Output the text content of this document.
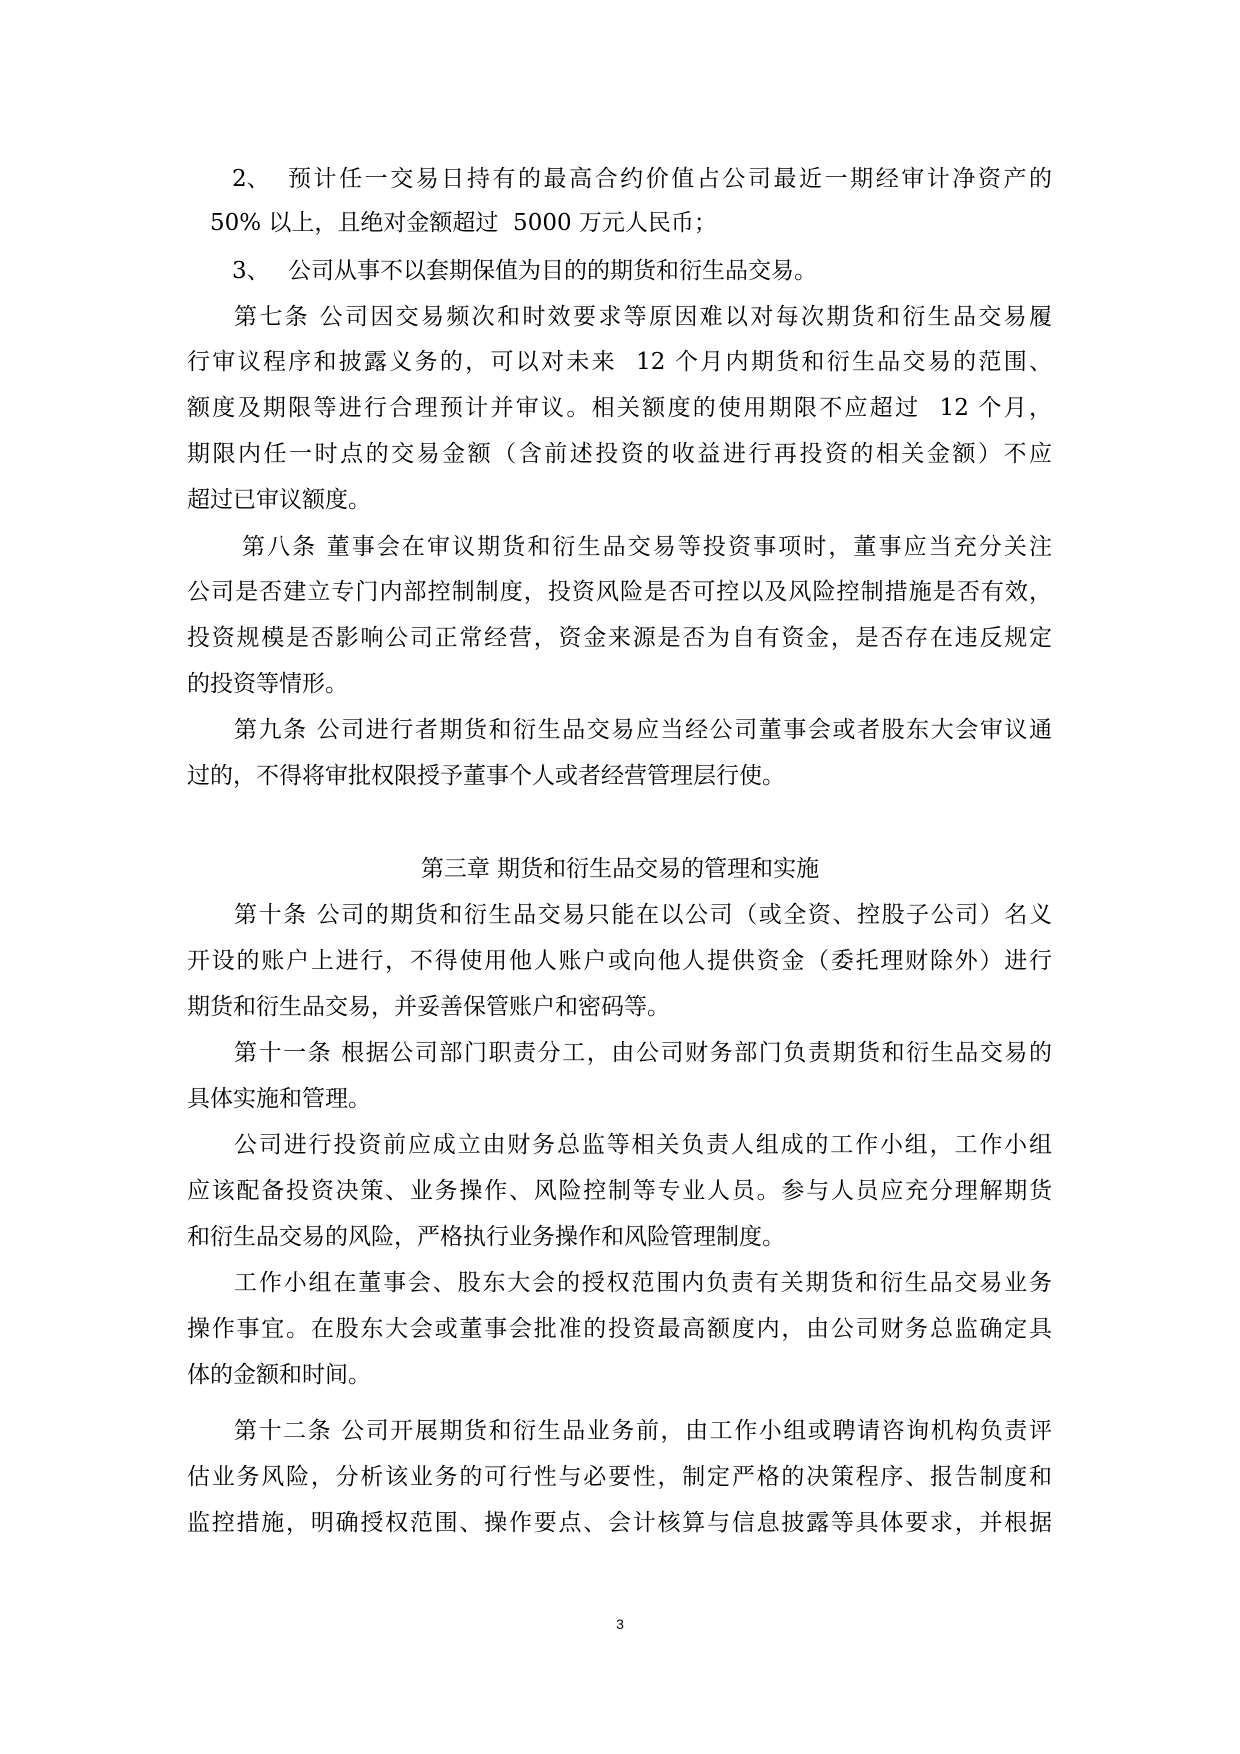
2、 预计任一交易日持有的最高合约价值占公司最近一期经审计净资产的
50% 以上，且绝对金额超过  5000 万元人民币；
3、 公司从事不以套期保值为目的的期货和衍生品交易。
第七条 公司因交易频次和时效要求等原因难以对每次期货和衍生品交易履
行审议程序和披露义务的，可以对未来  12 个月内期货和衍生品交易的范围、
额度及期限等进行合理预计并审议。相关额度的使用期限不应超过  12 个月，
期限内任一时点的交易金额（含前述投资的收益进行再投资的相关金额）不应
超过已审议额度。
第八条 董事会在审议期货和衍生品交易等投资事项时，董事应当充分关注
公司是否建立专门内部控制制度，投资风险是否可控以及风险控制措施是否有效，
投资规模是否影响公司正常经营，资金来源是否为自有资金，是否存在违反规定
的投资等情形。
第九条 公司进行者期货和衍生品交易应当经公司董事会或者股东大会审议通
过的，不得将审批权限授予董事个人或者经营管理层行使。
第三章 期货和衍生品交易的管理和实施
第十条 公司的期货和衍生品交易只能在以公司（或全资、控股子公司）名义
开设的账户上进行，不得使用他人账户或向他人提供资金（委托理财除外）进行
期货和衍生品交易，并妥善保管账户和密码等。
第十一条 根据公司部门职责分工，由公司财务部门负责期货和衍生品交易的
具体实施和管理。
公司进行投资前应成立由财务总监等相关负责人组成的工作小组，工作小组
应该配备投资决策、业务操作、风险控制等专业人员。参与人员应充分理解期货
和衍生品交易的风险，严格执行业务操作和风险管理制度。
工作小组在董事会、股东大会的授权范围内负责有关期货和衍生品交易业务
操作事宜。在股东大会或董事会批准的投资最高额度内，由公司财务总监确定具
体的金额和时间。
第十二条 公司开展期货和衍生品业务前，由工作小组或聘请咨询机构负责评
估业务风险，分析该业务的可行性与必要性，制定严格的决策程序、报告制度和
监控措施，明确授权范围、操作要点、会计核算与信息披露等具体要求，并根据
3
